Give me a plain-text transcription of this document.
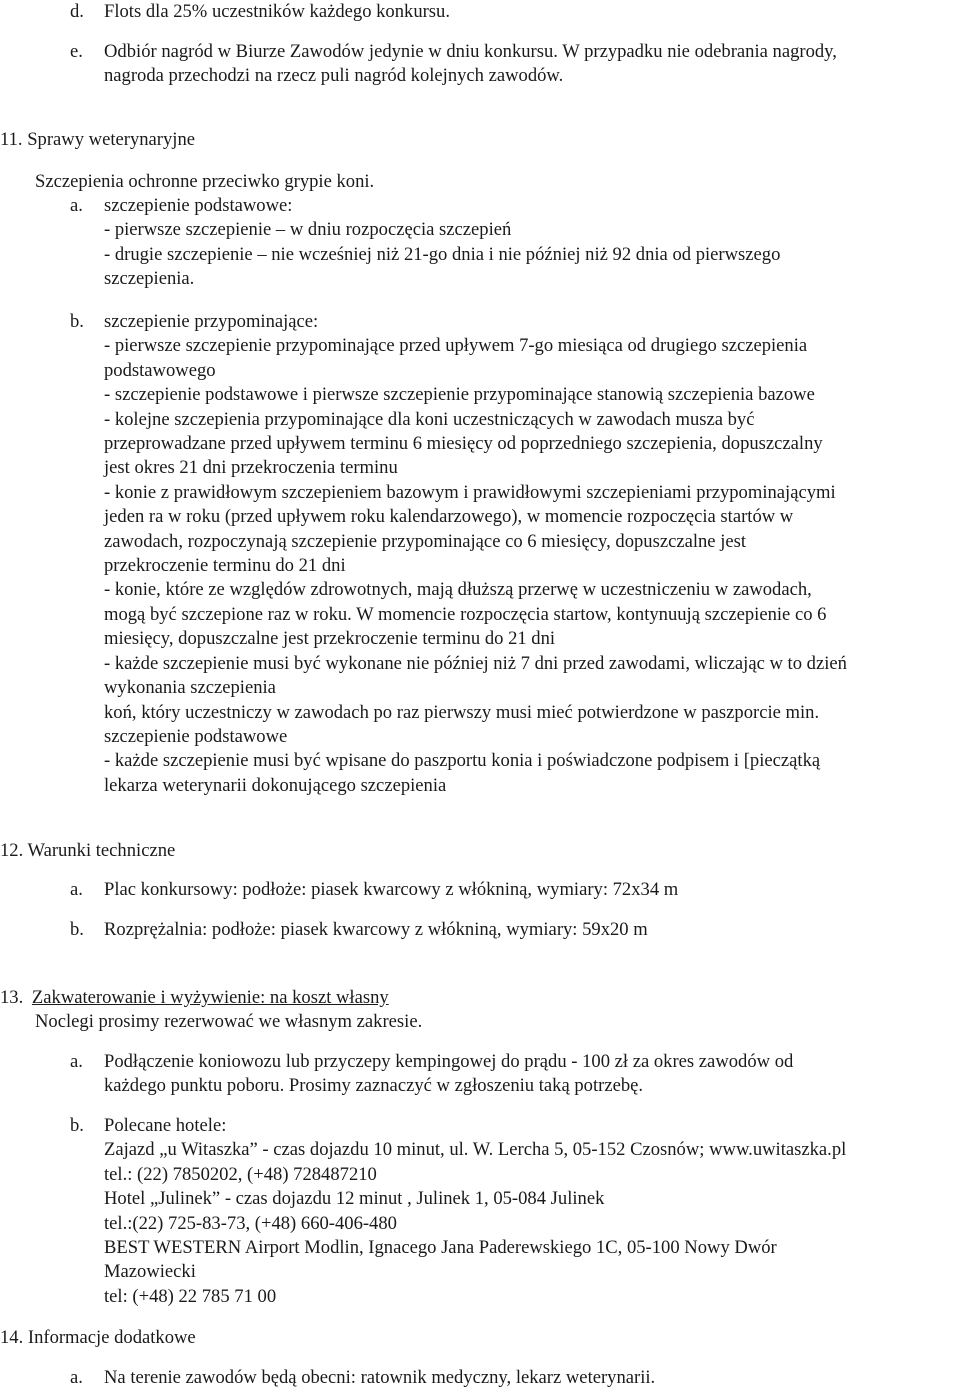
d.	Flots dla 25% uczestników każdego konkursu.
e.	Odbiór nagród w Biurze Zawodów jedynie w dniu konkursu. W przypadku nie odebrania nagrody,
nagroda przechodzi na rzecz puli nagród kolejnych zawodów.
11. Sprawy weterynaryjne
Szczepienia ochronne przeciwko grypie koni.
a.	szczepienie podstawowe:
- pierwsze szczepienie – w dniu rozpoczęcia szczepień
- drugie szczepienie – nie wcześniej niż 21-go dnia i nie później niż 92 dnia od pierwszego
szczepienia.
b.	szczepienie przypominające:
- pierwsze szczepienie przypominające przed upływem 7-go miesiąca od drugiego szczepienia
podstawowego
- szczepienie podstawowe i pierwsze szczepienie przypominające stanowią szczepienia bazowe
- kolejne szczepienia przypominające dla koni uczestniczących w zawodach musza być
przeprowadzane przed upływem terminu 6 miesięcy od poprzedniego szczepienia, dopuszczalny
jest okres 21 dni przekroczenia terminu
- konie z prawidłowym szczepieniem bazowym i prawidłowymi szczepieniami przypominającymi
jeden ra w roku (przed upływem roku kalendarzowego), w momencie rozpoczęcia startów w
zawodach, rozpoczynają szczepienie przypominające co 6 miesięcy, dopuszczalne jest
przekroczenie terminu do 21 dni
- konie, które ze względów zdrowotnych, mają dłuższą przerwę w uczestniczeniu w zawodach,
mogą być szczepione raz w roku. W momencie rozpoczęcia startow, kontynuują szczepienie co 6
miesięcy, dopuszczalne jest przekroczenie terminu do 21 dni
- każde szczepienie musi być wykonane nie później niż 7 dni przed zawodami, wliczając w to dzień
wykonania szczepienia
koń, który uczestniczy w zawodach po raz pierwszy musi mieć potwierdzone w paszporcie min.
szczepienie podstawowe
- każde szczepienie musi być wpisane do paszportu konia i poświadczone podpisem i [pieczątką
lekarza weterynarii dokonującego szczepienia
12. Warunki techniczne
a.	Plac konkursowy: podłoże: piasek kwarcowy z włókniną, wymiary: 72x34 m
b.	Rozprężalnia: podłoże: piasek kwarcowy z włókniną, wymiary: 59x20 m
13. Zakwaterowanie i wyżywienie: na koszt własny
Noclegi prosimy rezerwować we własnym zakresie.
a.	Podłączenie koniowozu lub przyczepy kempingowej do prądu - 100 zł za okres zawodów od
każdego punktu poboru. Prosimy zaznaczyć w zgłoszeniu taką potrzebę.
b.	Polecane hotele:
Zajazd „u Witaszka” - czas dojazdu 10 minut, ul. W. Lercha 5, 05-152 Czosnów; www.uwitaszka.pl
tel.: (22) 7850202, (+48) 728487210
Hotel „Julinek” - czas dojazdu 12 minut , Julinek 1, 05-084 Julinek
tel.:(22) 725-83-73, (+48) 660-406-480
BEST WESTERN Airport Modlin, Ignacego Jana Paderewskiego 1C, 05-100 Nowy Dwór
Mazowiecki
tel: (+48) 22 785 71 00
14. Informacje dodatkowe
a.	Na terenie zawodów będą obecni: ratownik medyczny, lekarz weterynarii.
